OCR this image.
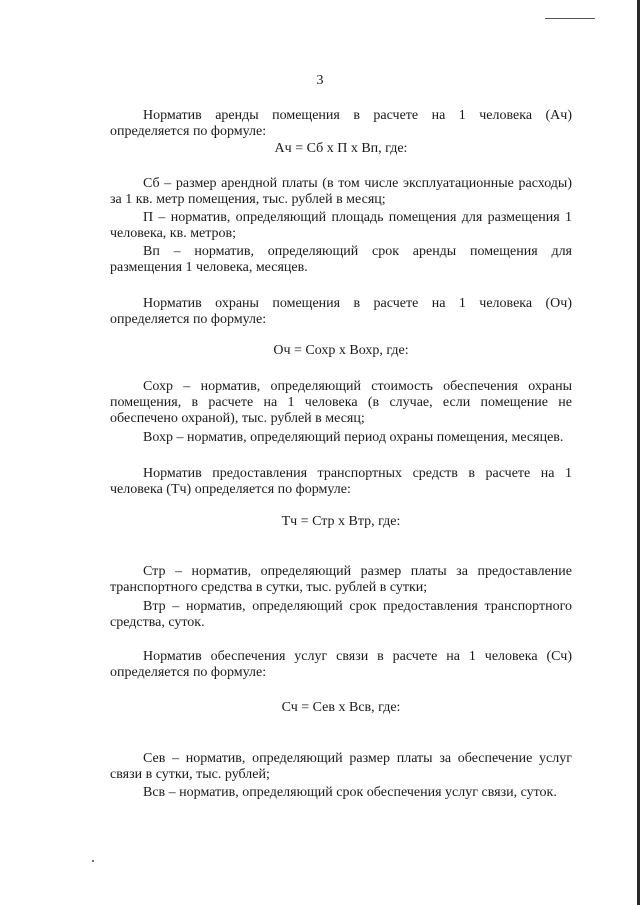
3

Норматив аренды помещения в расчете на 1 человека (Ач) определяется по формуле:

Ач = Сб х П х Вп, где:

Сб – размер арендной платы (в том числе эксплуатационные расходы) за 1 кв. метр помещения, тыс. рублей в месяц;

П – норматив, определяющий площадь помещения для размещения 1 человека, кв. метров;

Вп – норматив, определяющий срок аренды помещения для размещения 1 человека, месяцев.

Норматив охраны помещения в расчете на 1 человека (Оч) определяется по формуле:

Оч = Сохр х Вохр, где:

Сохр – норматив, определяющий стоимость обеспечения охраны помещения, в расчете на 1 человека (в случае, если помещение не обеспечено охраной), тыс. рублей в месяц;

Вохр – норматив, определяющий период охраны помещения, месяцев.

Норматив предоставления транспортных средств в расчете на 1 человека (Тч) определяется по формуле:

Тч = Стр х Втр, где:

Стр – норматив, определяющий размер платы за предоставление транспортного средства в сутки, тыс. рублей в сутки;

Втр – норматив, определяющий срок предоставления транспортного средства, суток.

Норматив обеспечения услуг связи в расчете на 1 человека (Сч) определяется по формуле:

Сч = Сев х Всв, где:

Сев – норматив, определяющий размер платы за обеспечение услуг связи в сутки, тыс. рублей;

Всв – норматив, определяющий срок обеспечения услуг связи, суток.
